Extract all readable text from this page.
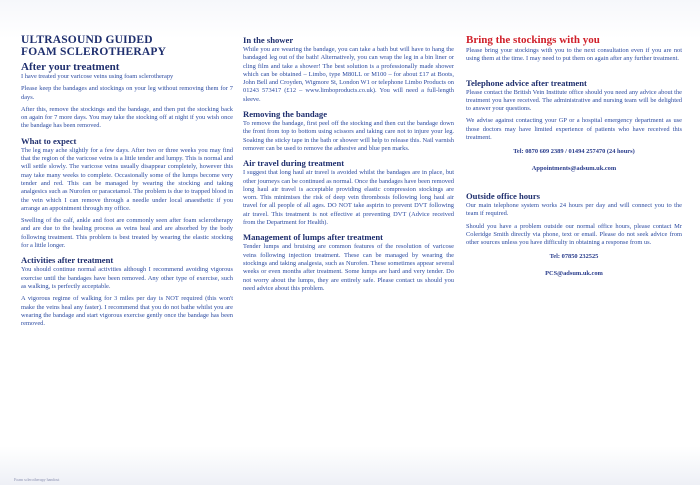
ULTRASOUND GUIDED
FOAM SCLEROTHERAPY
After your treatment

I have treated your varicose veins using foam sclerotherapy

Please keep the bandages and stockings on your leg without removing them for 7 days.

After this, remove the stockings and the bandage, and then put the stocking back on again for 7 more days. You may take the stocking off at night if you wish once the bandage has been removed.

What to expect

The leg may ache slightly for a few days. After two or three weeks you may find that the region of the varicose veins is a little tender and lumpy. This is normal and will settle slowly. The varicose veins usually disappear completely, however this may take many weeks to complete. Occasionally some of the lumps become very tender and red. This can be managed by wearing the stocking and taking analgesics such as Nurofen or paracetamol. The problem is due to trapped blood in the vein which I can remove through a needle under local anaesthetic if you arrange an appointment through my office.

Swelling of the calf, ankle and foot are commonly seen after foam sclerotherapy and are due to the healing process as veins heal and are absorbed by the body following treatment. This problem is best treated by wearing the elastic stocking for a little longer.

Activities after treatment

You should continue normal activities although I recommend avoiding vigorous exercise until the bandages have been removed. Any other type of exercise, such as walking, is perfectly acceptable.

A vigorous regime of walking for 3 miles per day is NOT required (this won't make the veins heal any faster). I recommend that you do not bathe whilst you are wearing the bandage and start vigorous exercise gently once the bandage has been removed.

In the shower

While you are wearing the bandage, you can take a bath but will have to hang the bandaged leg out of the bath! Alternatively, you can wrap the leg in a bin liner or cling film and take a shower! The best solution is a professionally made shower which can be obtained – Limbo, type M80LL or M100 – for about £17 at Boots, John Bell and Croyden, Wigmore St, London W1 or telephone Limbo Products on 01243 573417 (£12 – www.limboproducts.co.uk). You will need a full-length sleeve.

Removing the bandage

To remove the bandage, first peel off the stocking and then cut the bandage down the front from top to bottom using scissors and taking care not to injure your leg. Soaking the sticky tape in the bath or shower will help to release this. Nail varnish remover can be used to remove the adhesive and blue pen marks.

Air travel during treatment

I suggest that long haul air travel is avoided whilst the bandages are in place, but other journeys can be continued as normal. Once the bandages have been removed long haul air travel is acceptable providing elastic compression stockings are worn. This minimises the risk of deep vein thrombosis following long haul air travel for all people of all ages. DO NOT take aspirin to prevent DVT following air travel. This treatment is not effective at preventing DVT (Advice received from the Department for Health).

Management of lumps after treatment

Tender lumps and bruising are common features of the resolution of varicose veins following injection treatment. These can be managed by wearing the stockings and taking analgesia, such as Nurofen. These sometimes appear several weeks or even months after treatment. Some lumps are hard and very tender. Do not worry about the lumps, they are entirely safe. Please contact us should you need advice about this problem.

Bring the stockings with you

Please bring your stockings with you to the next consultation even if you are not using them at the time. I may need to put them on again after any further treatment.

Telephone advice after treatment

Please contact the British Vein Institute office should you need any advice about the treatment you have received. The administrative and nursing team will be delighted to answer your questions.

We advise against contacting your GP or a hospital emergency department as use those doctors may have limited experience of patients who have received this treatment.

Tel: 0870 609 2389 / 01494 257470 (24 hours)

Appointments@adsum.uk.com

Outside office hours

Our main telephone system works 24 hours per day and will connect you to the team if required.

Should you have a problem outside our normal office hours, please contact Mr Coleridge Smith directly via phone, text or email. Please do not seek advice from other sources unless you have difficulty in obtaining a response from us.

Tel: 07850 232525

PCS@adsum.uk.com

Foam sclerotherapy handout
